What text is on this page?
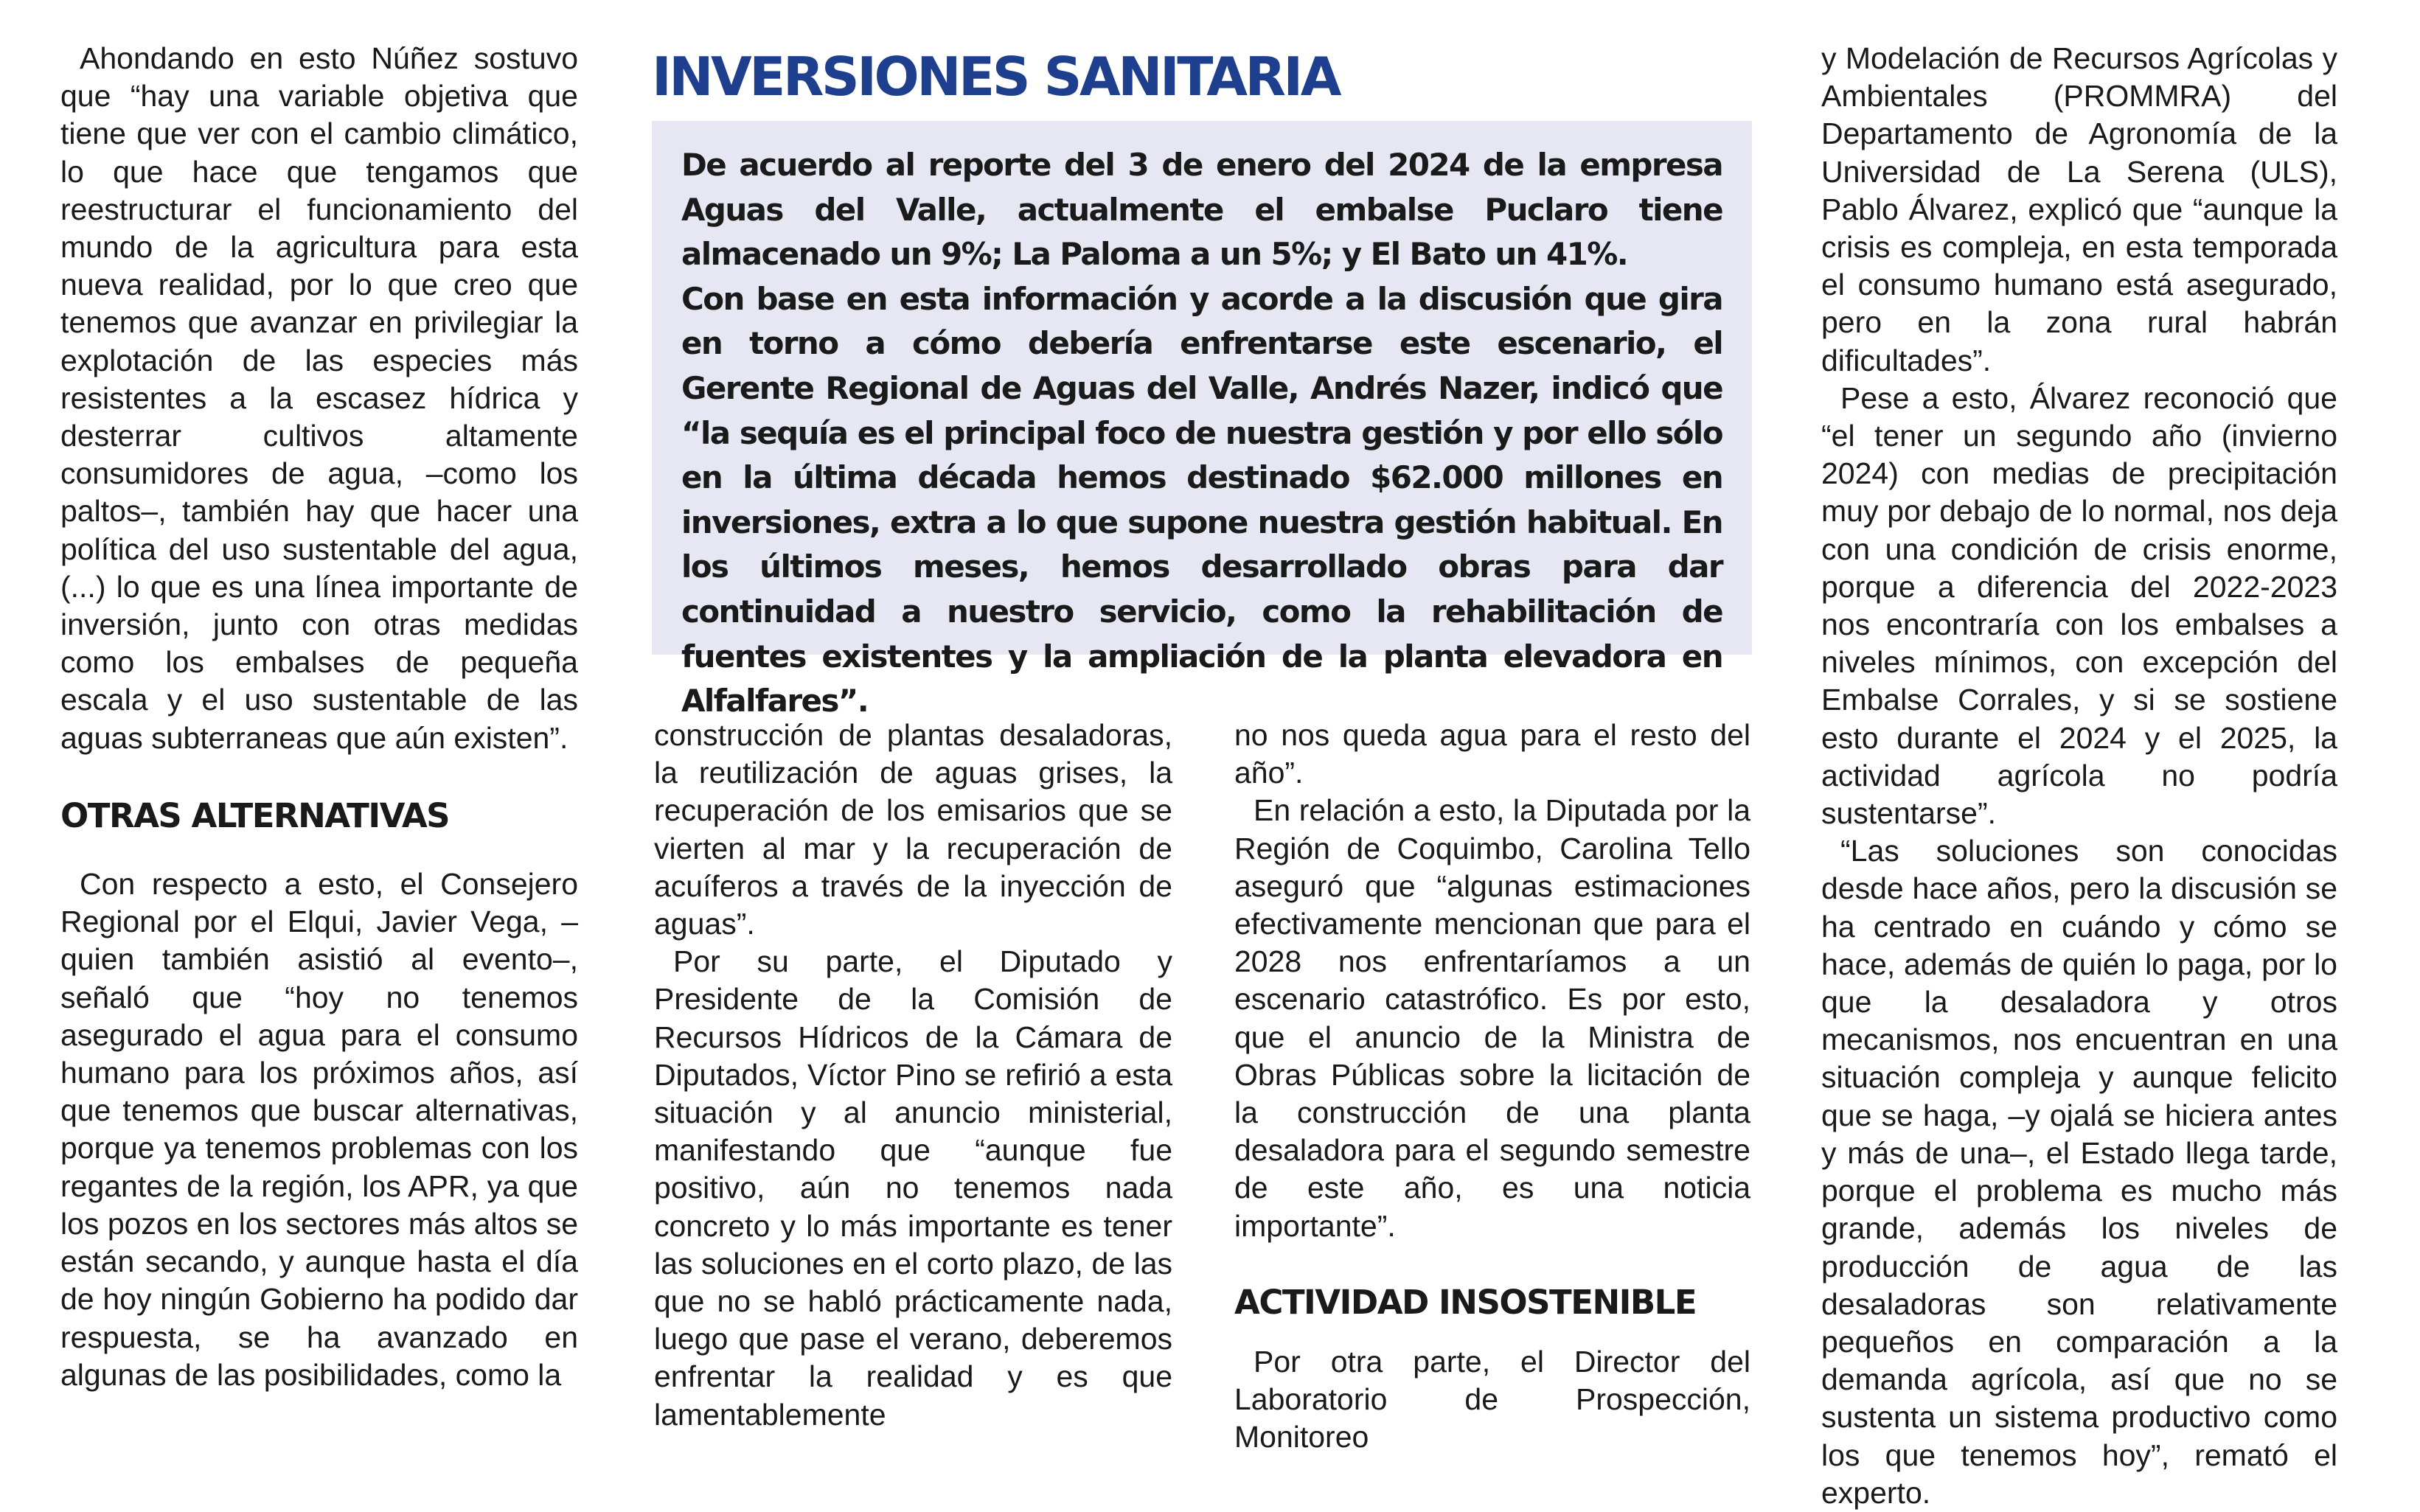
Ahondando en esto Núñez sostuvo que “hay una variable objetiva que tiene que ver con el cambio climático, lo que hace que tengamos que reestructurar el funcionamiento del mundo de la agricultura para esta nueva realidad, por lo que creo que tenemos que avanzar en privilegiar la explotación de las especies más resistentes a la escasez hídrica y desterrar cultivos altamente consumidores de agua, –como los paltos–, también hay que hacer una política del uso sustentable del agua, (...) lo que es una línea importante de inversión, junto con otras medidas como los embalses de pequeña escala y el uso sustentable de las aguas subterraneas que aún existen”.

OTRAS ALTERNATIVAS

Con respecto a esto, el Consejero Regional por el Elqui, Javier Vega, –quien también asistió al evento–, señaló que “hoy no tenemos asegurado el agua para el consumo humano para los próximos años, así que tenemos que buscar alternativas, porque ya tenemos problemas con los regantes de la región, los APR, ya que los pozos en los sectores más altos se están secando, y aunque hasta el día de hoy ningún Gobierno ha podido dar respuesta, se ha avanzado en algunas de las posibilidades, como la

INVERSIONES SANITARIA

De acuerdo al reporte del 3 de enero del 2024 de la empresa Aguas del Valle, actualmente el embalse Puclaro tiene almacenado un 9%; La Paloma a un 5%; y El Bato un 41%.

Con base en esta información y acorde a la discusión que gira en torno a cómo debería enfrentarse este escenario, el Gerente Regional de Aguas del Valle, Andrés Nazer, indicó que “la sequía es el principal foco de nuestra gestión y por ello sólo en la última década hemos destinado $62.000 millones en inversiones, extra a lo que supone nuestra gestión habitual. En los últimos meses, hemos desarrollado obras para dar continuidad a nuestro servicio, como la rehabilitación de fuentes existentes y la ampliación de la planta elevadora en Alfalfares”.

construcción de plantas desaladoras, la reutilización de aguas grises, la recuperación de los emisarios que se vierten al mar y la recuperación de acuíferos a través de la inyección de aguas”.

Por su parte, el Diputado y Presidente de la Comisión de Recursos Hídricos de la Cámara de Diputados, Víctor Pino se refirió a esta situación y al anuncio ministerial, manifestando que “aunque fue positivo, aún no tenemos nada concreto y lo más importante es tener las soluciones en el corto plazo, de las que no se habló prácticamente nada, luego que pase el verano, deberemos enfrentar la realidad y es que lamentablemente

no nos queda agua para el resto del año”.

En relación a esto, la Diputada por la Región de Coquimbo, Carolina Tello aseguró que “algunas estimaciones efectivamente mencionan que para el 2028 nos enfrentaríamos a un escenario catastrófico. Es por esto, que el anuncio de la Ministra de Obras Públicas sobre la licitación de la construcción de una planta desaladora para el segundo semestre de este año, es una noticia importante”.

ACTIVIDAD INSOSTENIBLE

Por otra parte, el Director del Laboratorio de Prospección, Monitoreo

y Modelación de Recursos Agrícolas y Ambientales (PROMMRA) del Departamento de Agronomía de la Universidad de La Serena (ULS), Pablo Álvarez, explicó que “aunque la crisis es compleja, en esta temporada el consumo humano está asegurado, pero en la zona rural habrán dificultades”.

Pese a esto, Álvarez reconoció que “el tener un segundo año (invierno 2024) con medias de precipitación muy por debajo de lo normal, nos deja con una condición de crisis enorme, porque a diferencia del 2022-2023 nos encontraría con los embalses a niveles mínimos, con excepción del Embalse Corrales, y si se sostiene esto durante el 2024 y el 2025, la actividad agrícola no podría sustentarse”.

“Las soluciones son conocidas desde hace años, pero la discusión se ha centrado en cuándo y cómo se hace, además de quién lo paga, por lo que la desaladora y otros mecanismos, nos encuentran en una situación compleja y aunque felicito que se haga, –y ojalá se hiciera antes y más de una–, el Estado llega tarde, porque el problema es mucho más grande, además los niveles de producción de agua de las desaladoras son relativamente pequeños en comparación a la demanda agrícola, así que no se sustenta un sistema productivo como los que tenemos hoy”, remató el experto.
